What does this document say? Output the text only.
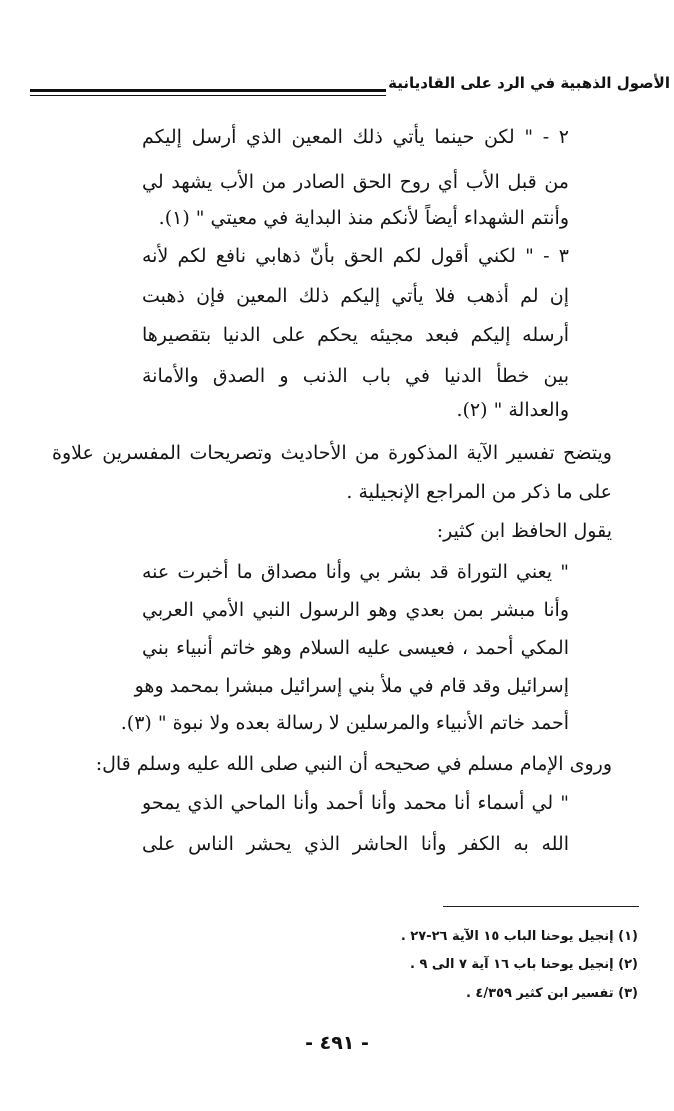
الأصول الذهبية في الرد على القاديانية
٢ - " لكن حينما يأتي ذلك المعين الذي أرسل إليكم
من قبل الأب أي روح الحق الصادر من الأب يشهد لي
وأنتم الشهداء أيضاً لأنكم منذ البداية في معيتي " (١).
٣ - " لكني أقول لكم الحق بأنّ ذهابي نافع لكم لأنه
إن لم أذهب فلا يأتي إليكم ذلك المعين فإن ذهبت
أرسله إليكم فبعد مجيئه يحكم على الدنيا بتقصيرها
بين خطأ الدنيا في باب الذنب و الصدق والأمانة
والعدالة " (٢).
ويتضح تفسير الآية المذكورة من الأحاديث وتصريحات المفسرين علاوة
على ما ذكر من المراجع الإنجيلية .
يقول الحافظ ابن كثير:
" يعني التوراة قد بشر بي وأنا مصداق ما أخبرت عنه
وأنا مبشر بمن بعدي وهو الرسول النبي الأمي العربي
المكي أحمد ، فعيسى عليه السلام وهو خاتم أنبياء بني
إسرائيل وقد قام في ملأ بني إسرائيل مبشرا بمحمد وهو
أحمد خاتم الأنبياء والمرسلين لا رسالة بعده ولا نبوة " (٣).
وروى الإمام مسلم في صحيحه أن النبي صلى الله عليه وسلم قال:
" لي أسماء أنا محمد وأنا أحمد وأنا الماحي الذي يمحو
الله به الكفر وأنا الحاشر الذي يحشر الناس على
(١) إنجيل يوحنا الباب ١٥ الآية ٢٦-٢٧ .
(٢) إنجيل يوحنا باب ١٦ آية ٧ الى ٩ .
(٣) تفسير ابن كثير ٤/٣٥٩ .
- ٤٩١ -
